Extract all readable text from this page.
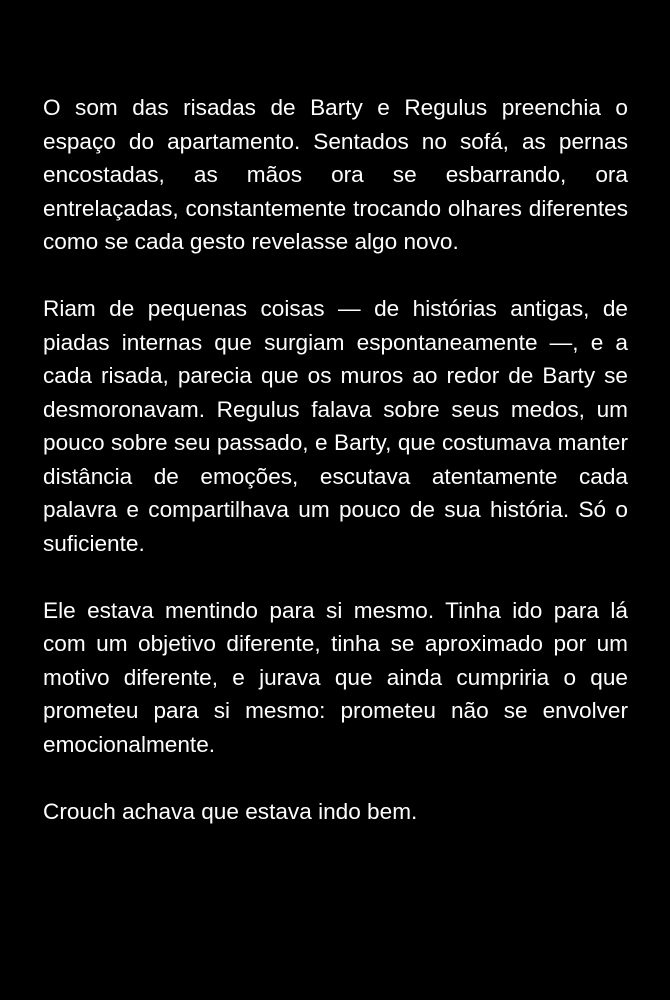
O som das risadas de Barty e Regulus preenchia o espaço do apartamento. Sentados no sofá, as pernas encostadas, as mãos ora se esbarrando, ora entrelaçadas, constantemente trocando olhares diferentes como se cada gesto revelasse algo novo.

Riam de pequenas coisas — de histórias antigas, de piadas internas que surgiam espontaneamente —, e a cada risada, parecia que os muros ao redor de Barty se desmoronavam. Regulus falava sobre seus medos, um pouco sobre seu passado, e Barty, que costumava manter distância de emoções, escutava atentamente cada palavra e compartilhava um pouco de sua história. Só o suficiente.

Ele estava mentindo para si mesmo. Tinha ido para lá com um objetivo diferente, tinha se aproximado por um motivo diferente, e jurava que ainda cumpriria o que prometeu para si mesmo: prometeu não se envolver emocionalmente.

Crouch achava que estava indo bem.
